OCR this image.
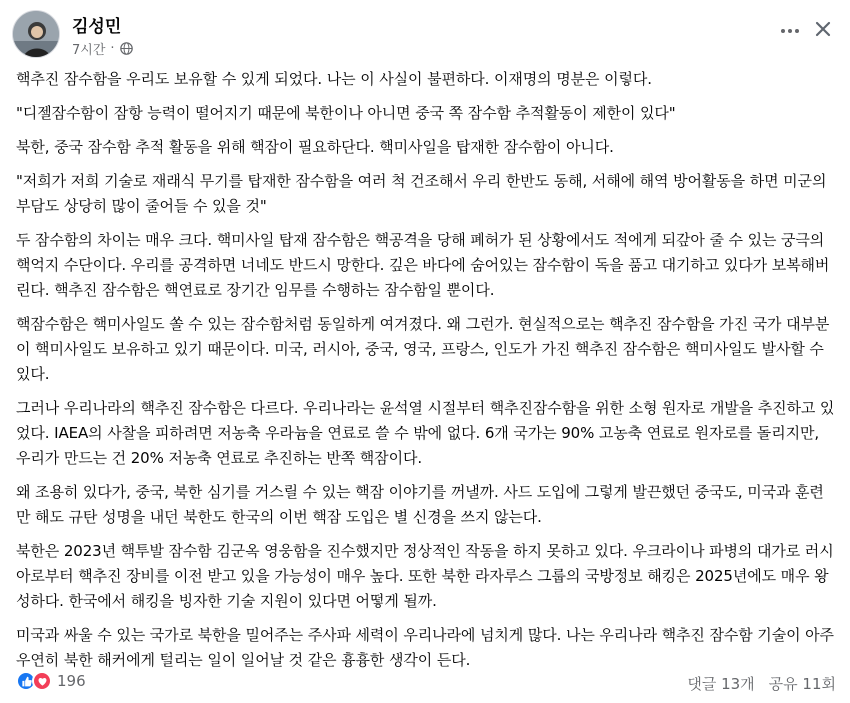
김성민
7시간 ·

핵추진 잠수함을 우리도 보유할 수 있게 되었다. 나는 이 사실이 불편하다. 이재명의 명분은 이렇다.

"디젤잠수함이 잠항 능력이 떨어지기 때문에 북한이나 아니면 중국 쪽 잠수함 추적활동이 제한이 있다"

북한, 중국 잠수함 추적 활동을 위해 핵잠이 필요하단다. 핵미사일을 탑재한 잠수함이 아니다.

"저희가 저희 기술로 재래식 무기를 탑재한 잠수함을 여러 척 건조해서 우리 한반도 동해, 서해에 해역 방어활동을 하면 미군의 부담도 상당히 많이 줄어들 수 있을 것"

두 잠수함의 차이는 매우 크다. 핵미사일 탑재 잠수함은 핵공격을 당해 폐허가 된 상황에서도 적에게 되갚아 줄 수 있는 궁극의 핵억지 수단이다. 우리를 공격하면 너네도 반드시 망한다. 깊은 바다에 숨어있는 잠수함이 독을 품고 대기하고 있다가 보복해버린다. 핵추진 잠수함은 핵연료로 장기간 임무를 수행하는 잠수함일 뿐이다.

핵잠수함은 핵미사일도 쏠 수 있는 잠수함처럼 동일하게 여겨졌다. 왜 그런가. 현실적으로는 핵추진 잠수함을 가진 국가 대부분이 핵미사일도 보유하고 있기 때문이다. 미국, 러시아, 중국, 영국, 프랑스, 인도가 가진 핵추진 잠수함은 핵미사일도 발사할 수 있다.

그러나 우리나라의 핵추진 잠수함은 다르다. 우리나라는 윤석열 시절부터 핵추진잠수함을 위한 소형 원자로 개발을 추진하고 있었다. IAEA의 사찰을 피하려면 저농축 우라늄을 연료로 쓸 수 밖에 없다. 6개 국가는 90% 고농축 연료로 원자로를 돌리지만, 우리가 만드는 건 20% 저농축 연료로 추진하는 반쪽 핵잠이다.

왜 조용히 있다가, 중국, 북한 심기를 거스릴 수 있는 핵잠 이야기를 꺼낼까. 사드 도입에 그렇게 발끈했던 중국도, 미국과 훈련만 해도 규탄 성명을 내던 북한도 한국의 이번 핵잠 도입은 별 신경을 쓰지 않는다.

북한은 2023년 핵투발 잠수함 김군옥 영웅함을 진수했지만 정상적인 작동을 하지 못하고 있다. 우크라이나 파병의 대가로 러시아로부터 핵추진 장비를 이전 받고 있을 가능성이 매우 높다. 또한 북한 라자루스 그룹의 국방정보 해킹은 2025년에도 매우 왕성하다. 한국에서 해킹을 빙자한 기술 지원이 있다면 어떻게 될까.

미국과 싸울 수 있는 국가로 북한을 밀어주는 주사파 세력이 우리나라에 넘치게 많다. 나는 우리나라 핵추진 잠수함 기술이 아주 우연히 북한 해커에게 털리는 일이 일어날 것 같은 흉흉한 생각이 든다.

196	댓글 13개 공유 11회
